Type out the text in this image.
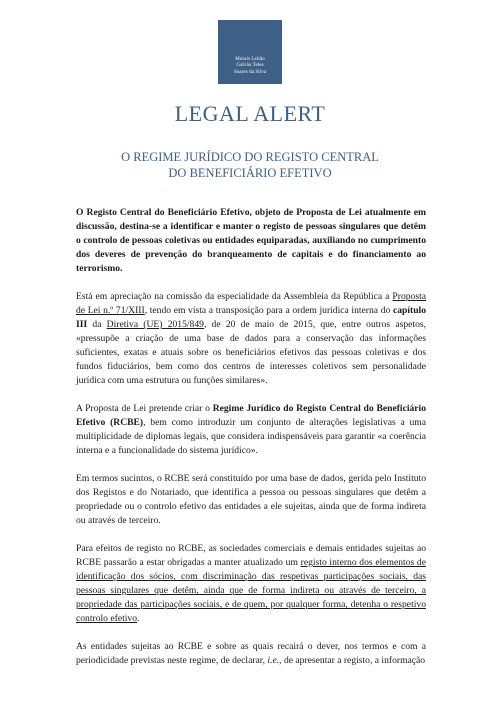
Morais Leitão
Galvão Teles
Soares da Silva
LEGAL ALERT
O REGIME JURÍDICO DO REGISTO CENTRAL
DO BENEFICIÁRIO EFETIVO

O Registo Central do Beneficiário Efetivo, objeto de Proposta de Lei atualmente em discussão, destina-se a identificar e manter o registo de pessoas singulares que detêm o controlo de pessoas coletivas ou entidades equiparadas, auxiliando no cumprimento dos deveres de prevenção do branqueamento de capitais e do financiamento ao terrorismo.

Está em apreciação na comissão da especialidade da Assembleia da República a Proposta de Lei n.º 71/XIII, tendo em vista a transposição para a ordem jurídica interna do capítulo III da Diretiva (UE) 2015/849, de 20 de maio de 2015, que, entre outros aspetos, «pressupõe a criação de uma base de dados para a conservação das informações suficientes, exatas e atuais sobre os beneficiários efetivos das pessoas coletivas e dos fundos fiduciários, bem como dos centros de interesses coletivos sem personalidade jurídica com uma estrutura ou funções similares».

A Proposta de Lei pretende criar o Regime Jurídico do Registo Central do Beneficiário Efetivo (RCBE), bem como introduzir um conjunto de alterações legislativas a uma multiplicidade de diplomas legais, que considera indispensáveis para garantir «a coerência interna e a funcionalidade do sistema jurídico».

Em termos sucintos, o RCBE será constituído por uma base de dados, gerida pelo Instituto dos Registos e do Notariado, que identifica a pessoa ou pessoas singulares que detêm a propriedade ou o controlo efetivo das entidades a ele sujeitas, ainda que de forma indireta ou através de terceiro.

Para efeitos de registo no RCBE, as sociedades comerciais e demais entidades sujeitas ao RCBE passarão a estar obrigadas a manter atualizado um registo interno dos elementos de identificação dos sócios, com discriminação das respetivas participações sociais, das pessoas singulares que detêm, ainda que de forma indireta ou através de terceiro, a propriedade das participações sociais, e de quem, por qualquer forma, detenha o respetivo controlo efetivo.

As entidades sujeitas ao RCBE e sobre as quais recairá o dever, nos termos e com a periodicidade previstas neste regime, de declarar, i.e., de apresentar a registo, a informação
